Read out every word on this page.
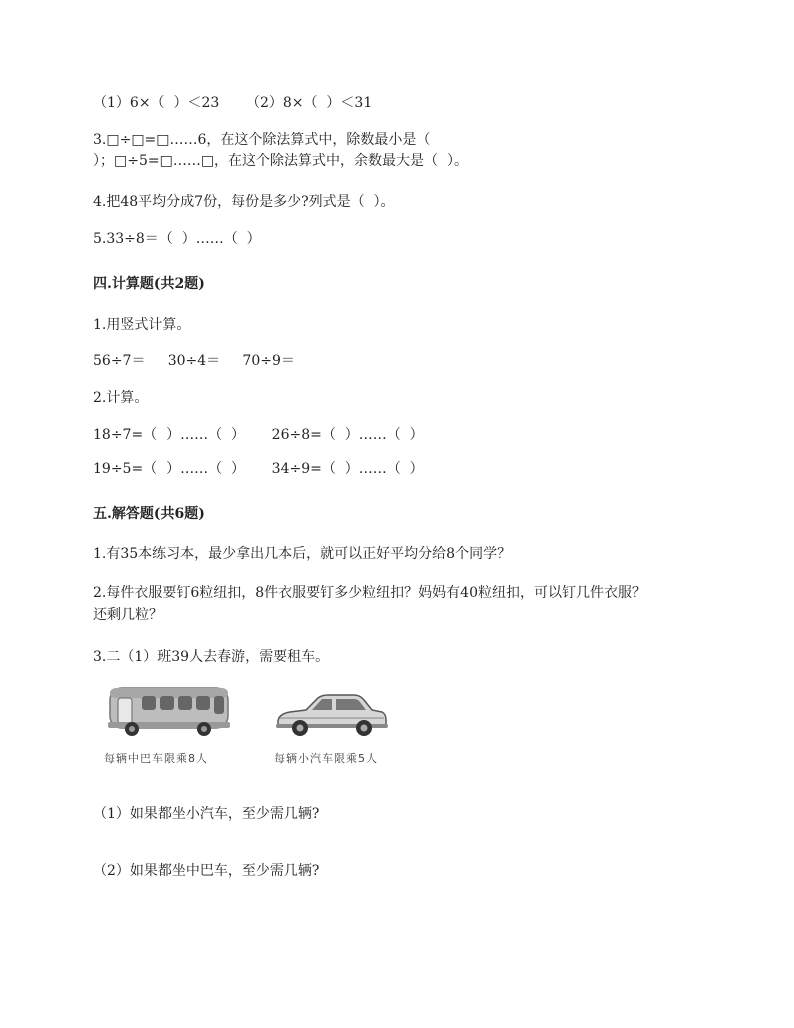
（1）6×（  ）＜23      （2）8×（  ）＜31
3.□÷□=□……6，在这个除法算式中，除数最小是（
）；□÷5=□……□，在这个除法算式中，余数最大是（  ）。
4.把48平均分成7份，每份是多少?列式是（  ）。
5.33÷8＝（  ）……（  ）
四.计算题(共2题)
1.用竖式计算。
56÷7＝     30÷4＝     70÷9＝
2.计算。
18÷7=（  ）……（  ）      26÷8=（  ）……（  ）
19÷5=（  ）……（  ）      34÷9=（  ）……（  ）
五.解答题(共6题)
1.有35本练习本，最少拿出几本后，就可以正好平均分给8个同学？
2.每件衣服要钉6粒纽扣，8件衣服要钉多少粒纽扣？妈妈有40粒纽扣，可以钉几件衣服？
还剩几粒？
3.二（1）班39人去春游，需要租车。
每辆中巴车限乘8人	每辆小汽车限乘5人
（1）如果都坐小汽车，至少需几辆?
（2）如果都坐中巴车，至少需几辆?
